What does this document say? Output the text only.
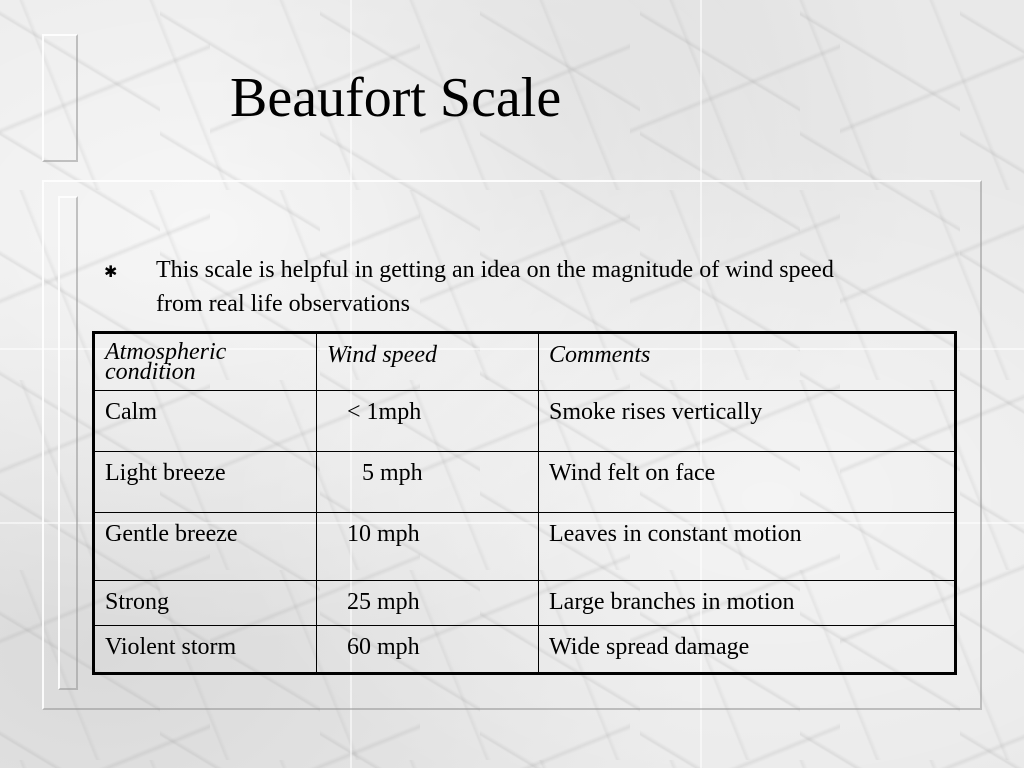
Beaufort Scale
✱	This scale is helpful in getting an idea on the magnitude of wind speed from real life observations
Atmospheric condition	Wind speed	Comments
Calm	< 1mph	Smoke rises vertically
Light breeze	5 mph	Wind felt on face
Gentle breeze	10 mph	Leaves in constant motion
Strong	25 mph	Large branches in motion
Violent storm	60 mph	Wide spread damage
